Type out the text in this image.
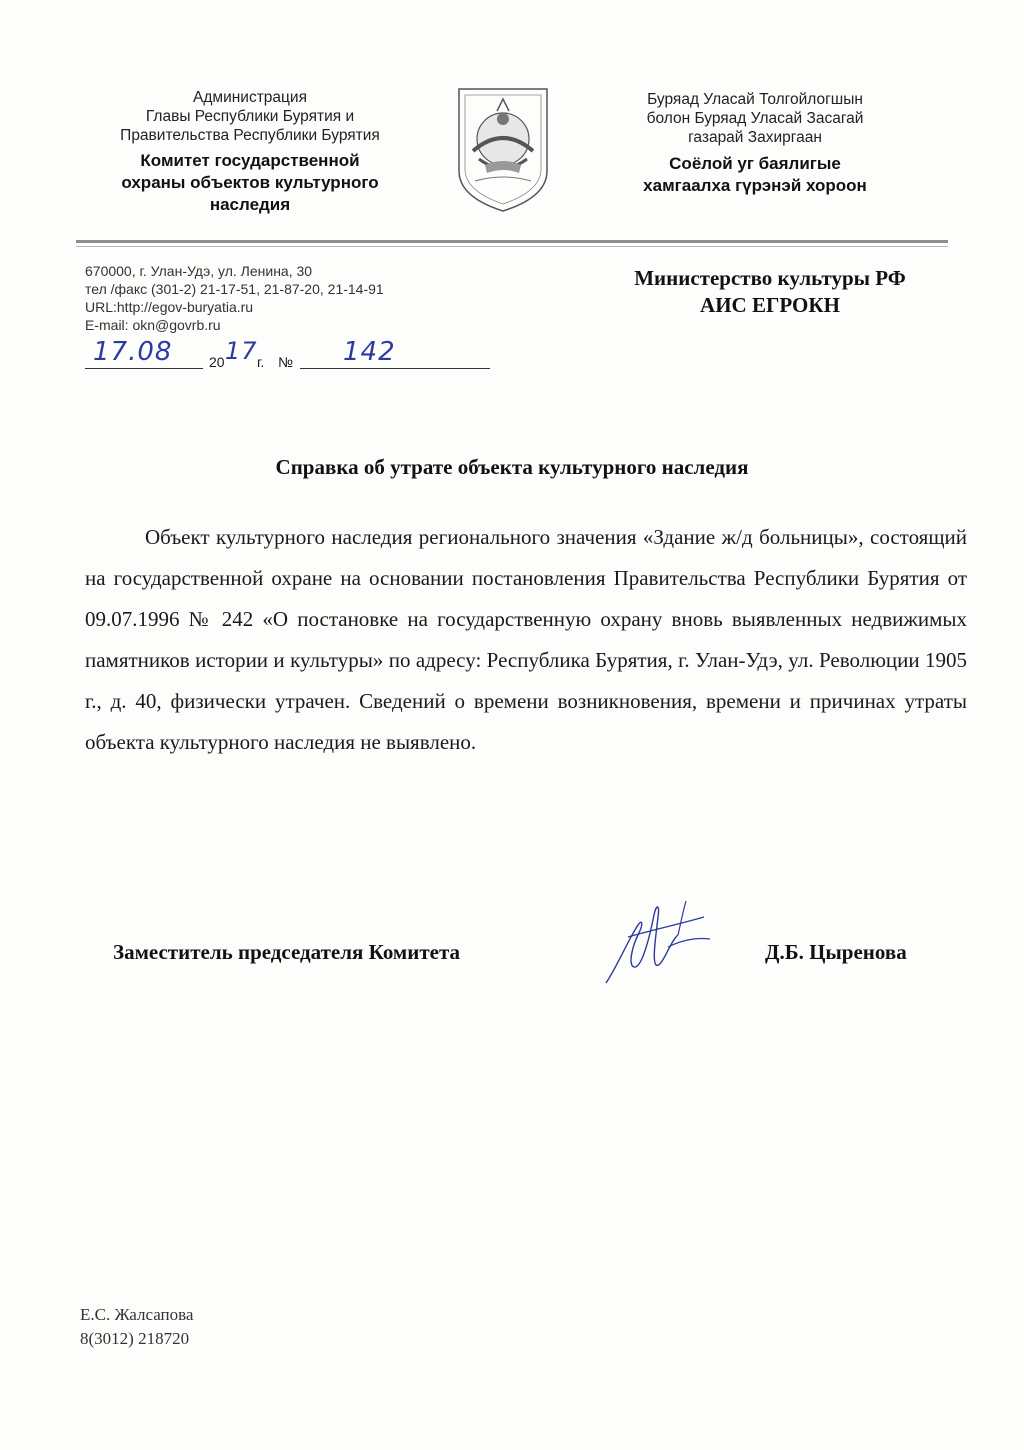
Администрация
Главы Республики Бурятия и
Правительства Республики Бурятия
Комитет государственной
охраны объектов культурного
наследия
Буряад Уласай Толгойлогшын
болон Буряад Уласай Засагай
газарай Захиргаан
Соёлой уг баялигые
хамгаалха гүрэнэй хороон
670000, г. Улан-Удэ, ул. Ленина, 30
тел /факс (301-2) 21-17-51, 21-87-20, 21-14-91
URL:http://egov-buryatia.ru
E-mail: okn@govrb.ru
17.08	20 17 г. № 142
Министерство культуры РФ
АИС ЕГРОКН
Справка об утрате объекта культурного наследия
Объект культурного наследия регионального значения «Здание ж/д больницы», состоящий на государственной охране на основании постановления Правительства Республики Бурятия от 09.07.1996 № 242 «О постановке на государственную охрану вновь выявленных недвижимых памятников истории и культуры» по адресу: Республика Бурятия, г. Улан-Удэ, ул. Революции 1905 г., д. 40, физически утрачен. Сведений о времени возникновения, времени и причинах утраты объекта культурного наследия не выявлено.
Заместитель председателя Комитета	Д.Б. Цыренова
Е.С. Жалсапова
8(3012) 218720
